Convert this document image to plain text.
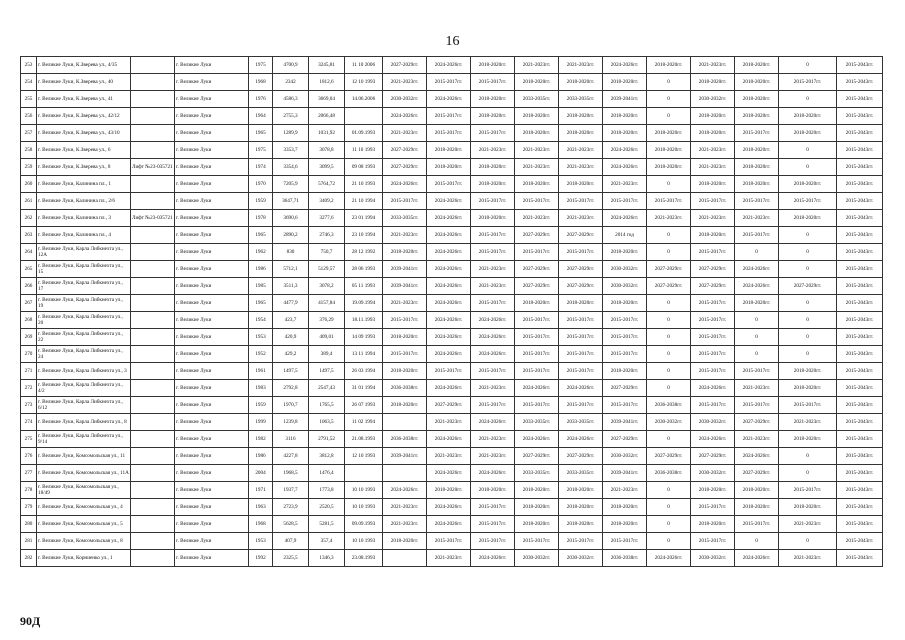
16
253	г. Великие Луки, К.Зверева ул., 4/35		г. Великие Луки	1975	4700,9	3245,81	11 10 2006	2027-2029гг.	2024-2026гг.	2018-2020гг.	2021-2023гг.	2021-2023гг.	2024-2026гг.	2018-2020гг.	2021-2023гг.	2018-2020гг.	0	2015-2043гг.
254	г. Великие Луки, К.Зверева ул., 40		г. Великие Луки	1968	2342	1812,6	12 10 1993	2021-2023гг.	2015-2017гг.	2015-2017гг.	2018-2020гг.	2018-2020гг.	2018-2020гг.	0	2018-2020гг.	2018-2020гг.	2015-2017гг.	2015-2043гг.
255	г. Великие Луки, К.Зверева ул., 41		г. Великие Луки	1976	4586,3	3669,04	14.06.2006	2030-2032гг.	2024-2026гг.	2018-2020гг.	2033-2035гг.	2033-2035гг.	2039-2041гг.	0	2030-2032гг.	2018-2020гг.	0	2015-2043гг.
256	г. Великие Луки, К.Зверева ул., 42/12		г. Великие Луки	1964	2755,3	2066,48		2024-2026гг.	2015-2017гг.	2018-2020гг.	2018-2020гг.	2018-2020гг.	2018-2020гг.	0	2018-2020гг.	2018-2020гг.	2018-2020гг.	2015-2043гг.
257	г. Великие Луки, К.Зверева ул., 43/10		г. Великие Луки	1965	1289,9	1031,92	01.09.1993	2021-2023гг.	2015-2017гг.	2015-2017гг.	2018-2020гг.	2018-2020гг.	2018-2020гг.	2018-2020гг.	2018-2020гг.	2015-2017гг.	2018-2020гг.	2015-2043гг.
258	г. Великие Луки, К.Зверева ул., 6		г. Великие Луки	1975	3353,7	3078,8	11 10 1993	2027-2029гг.	2018-2020гг.	2021-2023гг.	2021-2023гг.	2021-2023гг.	2024-2026гг.	2018-2020гг.	2021-2023гг.	2018-2020гг.	0	2015-2043гг.
259	г. Великие Луки, К.Зверева ул., 8	Лифт №23-035721	г. Великие Луки	1974	3354,6	3099,5	09 08 1993	2027-2029гг.	2018-2020гг.	2018-2020гг.	2021-2023гг.	2021-2023гг.	2024-2026гг.	2018-2020гг.	2021-2023гг.	2018-2020гг.	0	2015-2043гг.
260	г. Великие Луки, Калинина пл., 1		г. Великие Луки	1970	7205,9	5764,72	21 10 1993	2024-2026гг.	2015-2017гг.	2018-2020гг.	2018-2020гг.	2018-2020гг.	2021-2023гг.	0	2018-2020гг.	2018-2020гг.	2018-2020гг.	2015-2043гг.
261	г. Великие Луки, Калинина пл., 2/6		г. Великие Луки	1959	3647,71	3409,2	21 10 1994	2015-2017гг.	2024-2026гг.	2015-2017гг.	2015-2017гг.	2015-2017гг.	2015-2017гг.	2015-2017гг.	2015-2017гг.	2015-2017гг.	2015-2017гг.	2015-2043гг.
262	г. Великие Луки, Калинина пл., 3	Лифт №23-035721	г. Великие Луки	1978	3690,6	3277,6	23 01 1994	2033-2035гг.	2024-2026гг.	2018-2020гг.	2021-2023гг.	2021-2023гг.	2024-2026гг.	2021-2023гг.	2021-2023гг.	2021-2023гг.	2018-2020гг.	2015-2043гг.
263	г. Великие Луки, Калинина пл., 4		г. Великие Луки	1965	2890,2	2746,3	23 10 1994	2021-2023гг.	2024-2026гг.	2015-2017гг.	2027-2029гг.	2027-2029гг.	2014 год	0	2018-2020гг.	2015-2017гг.	0	2015-2043гг.
264	г. Великие Луки, Карла Либкнехта ул., 12А		г. Великие Луки	1962	830	750,7	28 12 1992	2018-2020гг.	2024-2026гг.	2015-2017гг.	2015-2017гг.	2015-2017гг.	2018-2020гг.	0	2015-2017гг.	0	0	2015-2043гг.
265	г. Великие Луки, Карла Либкнехта ул., 15		г. Великие Луки	1986	5712,1	5129,57	28 06 1993	2039-2041гг.	2024-2026гг.	2021-2023гг.	2027-2029гг.	2027-2029гг.	2030-2032гг.	2027-2029гг.	2027-2029гг.	2024-2026гг.	0	2015-2043гг.
266	г. Великие Луки, Карла Либкнехта ул., 17		г. Великие Луки	1985	3511,3	3078,2	05 11 1993	2039-2041гг.	2024-2026гг.	2021-2023гг.	2027-2029гг.	2027-2029гг.	2030-2032гг.	2027-2029гг.	2027-2029гг.	2024-2026гг.	2027-2029гг.	2015-2043гг.
267	г. Великие Луки, Карла Либкнехта ул., 19		г. Великие Луки	1965	4477,9	4157,84	19.09.1994	2021-2023гг.	2024-2026гг.	2015-2017гг.	2018-2020гг.	2018-2020гг.	2018-2020гг.	0	2015-2017гг.	2018-2020гг.	0	2015-2043гг.
268	г. Великие Луки, Карла Либкнехта ул., 20		г. Великие Луки	1954	423,7	376,29	18.11.1993	2015-2017гг.	2024-2026гг.	2024-2026гг.	2015-2017гг.	2015-2017гг.	2015-2017гг.	0	2015-2017гг.	0	0	2015-2043гг.
269	г. Великие Луки, Карла Либкнехта ул., 22		г. Великие Луки	1953	420,9	409,01	14 09 1993	2018-2020гг.	2024-2026гг.	2024-2026гг.	2015-2017гг.	2015-2017гг.	2015-2017гг.	0	2015-2017гг.	0	0	2015-2043гг.
270	г. Великие Луки, Карла Либкнехта ул., 24		г. Великие Луки	1952	429,2	389,4	13 11 1994	2015-2017гг.	2024-2026гг.	2024-2026гг.	2015-2017гг.	2015-2017гг.	2015-2017гг.	0	2015-2017гг.	0	0	2015-2043гг.
271	г. Великие Луки, Карла Либкнехта ул., 3		г. Великие Луки	1961	1497,5	1497,5	26 03 1994	2018-2020гг.	2015-2017гг.	2015-2017гг.	2015-2017гг.	2015-2017гг.	2018-2020гг.	0	2015-2017гг.	2015-2017гг.	2018-2020гг.	2015-2043гг.
272	г. Великие Луки, Карла Либкнехта ул., 4/2		г. Великие Луки	1983	2792,8	2547,43	31 01 1994	2036-2038гг.	2024-2026гг.	2021-2023гг.	2024-2026гг.	2024-2026гг.	2027-2029гг.	0	2024-2026гг.	2021-2023гг.	2018-2020гг.	2015-2043гг.
273	г. Великие Луки, Карла Либкнехта ул., 6/12		г. Великие Луки	1959	1970,7	1765,5	26 07 1993	2018-2020гг.	2027-2029гг.	2015-2017гг.	2015-2017гг.	2015-2017гг.	2015-2017гг.	2036-2038гг.	2015-2017гг.	2015-2017гг.	2015-2017гг.	2015-2043гг.
274	г. Великие Луки, Карла Либкнехта ул., 8		г. Великие Луки	1999	1239,8	1063,5	11 02 1994		2021-2023гг.	2024-2026гг.	2033-2035гг.	2033-2035гг.	2039-2041гг.	2030-2032гг.	2030-2032гг.	2027-2029гг.	2021-2023гг.	2015-2043гг.
275	г. Великие Луки, Карла Либкнехта ул., 9/14		г. Великие Луки	1982	3116	2791,52	21.08.1993	2036-2038гг.	2024-2026гг.	2021-2023гг.	2024-2026гг.	2024-2026гг.	2027-2029гг.	0	2024-2026гг.	2021-2023гг.	2018-2020гг.	2015-2043гг.
276	г. Великие Луки, Комсомольская ул., 11		г. Великие Луки	1986	4227,8	3812,8	12 10 1993	2039-2041гг.	2021-2023гг.	2021-2023гг.	2027-2029гг.	2027-2029гг.	2030-2032гг.	2027-2029гг.	2027-2029гг.	2024-2026гг.	0	2015-2043гг.
277	г. Великие Луки, Комсомольская ул., 11А		г. Великие Луки	2004	1968,5	1476,4			2024-2026гг.	2024-2026гг.	2033-2035гг.	2033-2035гг.	2039-2041гг.	2036-2038гг.	2030-2032гг.	2027-2029гг.	0	2015-2043гг.
278	г. Великие Луки, Комсомольская ул., 18/49		г. Великие Луки	1971	1937,7	1773,8	10 10 1993	2024-2026гг.	2018-2020гг.	2018-2020гг.	2018-2020гг.	2018-2020гг.	2021-2023гг.	0	2018-2020гг.	2018-2020гг.	2015-2017гг.	2015-2043гг.
279	г. Великие Луки, Комсомольская ул., 4		г. Великие Луки	1963	2723,9	2520,5	10 10 1993	2021-2023гг.	2024-2026гг.	2015-2017гг.	2018-2020гг.	2018-2020гг.	2018-2020гг.	0	2015-2017гг.	2018-2020гг.	2018-2020гг.	2015-2043гг.
280	г. Великие Луки, Комсомольская ул., 5		г. Великие Луки	1968	5628,5	5281,5	09.09.1993	2021-2023гг.	2024-2026гг.	2015-2017гг.	2018-2020гг.	2018-2020гг.	2018-2020гг.	0	2018-2020гг.	2015-2017гг.	2021-2023гг.	2015-2043гг.
281	г. Великие Луки, Комсомольская ул., 8		г. Великие Луки	1953	407,9	357,4	10 10 1993	2018-2020гг.	2015-2017гг.	2015-2017гг.	2015-2017гг.	2015-2017гг.	2015-2017гг.	0	2015-2017гг.	0	0	2015-2043гг.
282	г. Великие Луки, Корниенко ул., 1		г. Великие Луки	1992	2325,5	1346,3	23.08.1993		2021-2023гг.	2024-2026гг.	2030-2032гг.	2030-2032гг.	2036-2038гг.	2024-2026гг.	2030-2032гг.	2024-2026гг.	2021-2023гг.	2015-2043гг.
90Д
